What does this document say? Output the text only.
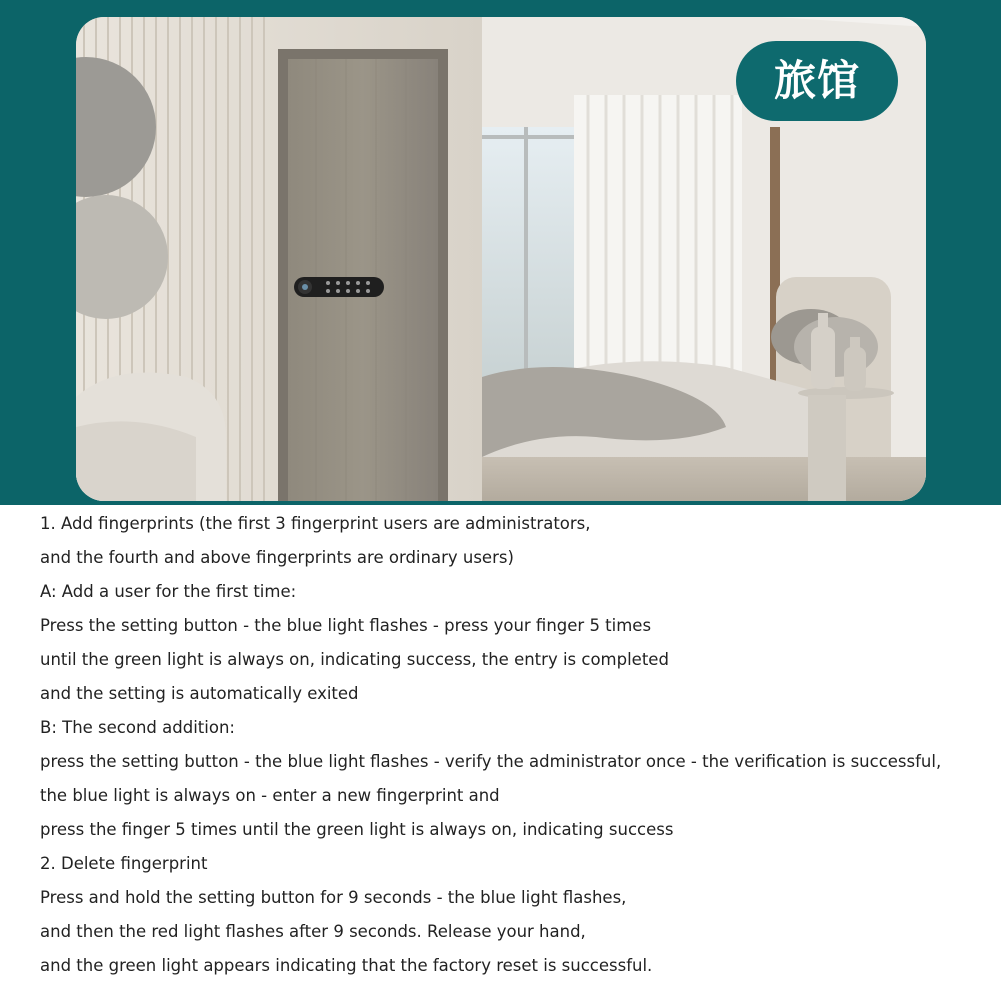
旅馆
1. Add fingerprints (the first 3 fingerprint users are administrators,
and the fourth and above fingerprints are ordinary users)
A: Add a user for the first time:
Press the setting button - the blue light flashes - press your finger 5 times
until the green light is always on, indicating success, the entry is completed
and the setting is automatically exited
B: The second addition:
press the setting button - the blue light flashes - verify the administrator once - the verification is successful,
the blue light is always on - enter a new fingerprint and
press the finger 5 times until the green light is always on, indicating success
2. Delete fingerprint
Press and hold the setting button for 9 seconds - the blue light flashes,
and then the red light flashes after 9 seconds. Release your hand,
and the green light appears indicating that the factory reset is successful.
